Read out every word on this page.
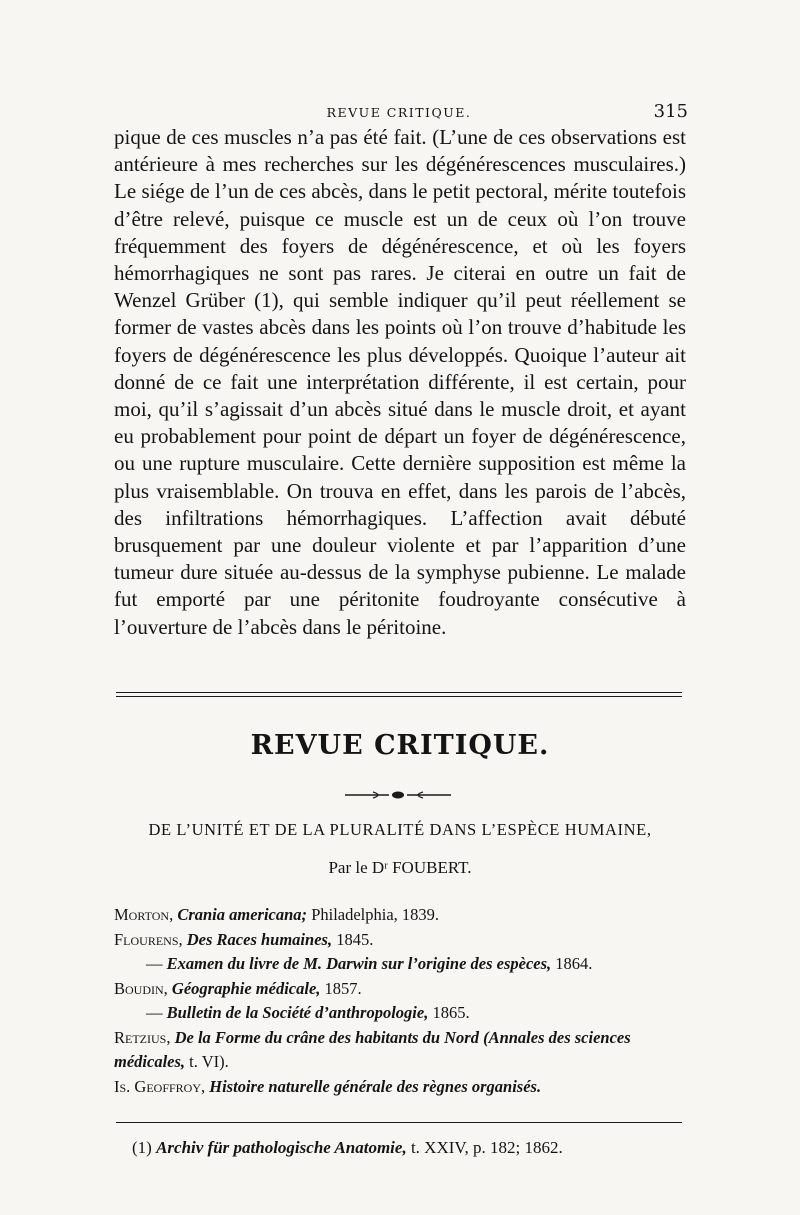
REVUE CRITIQUE.	315

pique de ces muscles n’a pas été fait. (L’une de ces observations est antérieure à mes recherches sur les dégénérescences musculaires.) Le siége de l’un de ces abcès, dans le petit pectoral, mérite toutefois d’être relevé, puisque ce muscle est un de ceux où l’on trouve fréquemment des foyers de dégénérescence, et où les foyers hémorrhagiques ne sont pas rares. Je citerai en outre un fait de Wenzel Grüber (1), qui semble indiquer qu’il peut réellement se former de vastes abcès dans les points où l’on trouve d’habitude les foyers de dégénérescence les plus développés. Quoique l’auteur ait donné de ce fait une interprétation différente, il est certain, pour moi, qu’il s’agissait d’un abcès situé dans le muscle droit, et ayant eu probablement pour point de départ un foyer de dégénérescence, ou une rupture musculaire. Cette dernière supposition est même la plus vraisemblable. On trouva en effet, dans les parois de l’abcès, des infiltrations hémorrhagiques. L’affection avait débuté brusquement par une douleur violente et par l’apparition d’une tumeur dure située au-dessus de la symphyse pubienne. Le malade fut emporté par une péritonite foudroyante consécutive à l’ouverture de l’abcès dans le péritoine.

REVUE CRITIQUE.
DE L’UNITÉ ET DE LA PLURALITÉ DANS L’ESPÈCE HUMAINE,
Par le Dʳ FOUBERT.
Morton, Crania americana; Philadelphia, 1839.
Flourens, Des Races humaines, 1845.
— Examen du livre de M. Darwin sur l’origine des espèces, 1864.
Boudin, Géographie médicale, 1857.
— Bulletin de la Société d’anthropologie, 1865.
Retzius, De la Forme du crâne des habitants du Nord (Annales des sciences
médicales, t. VI).
Is. Geoffroy, Histoire naturelle générale des règnes organisés.
(1) Archiv für pathologische Anatomie, t. XXIV, p. 182; 1862.
